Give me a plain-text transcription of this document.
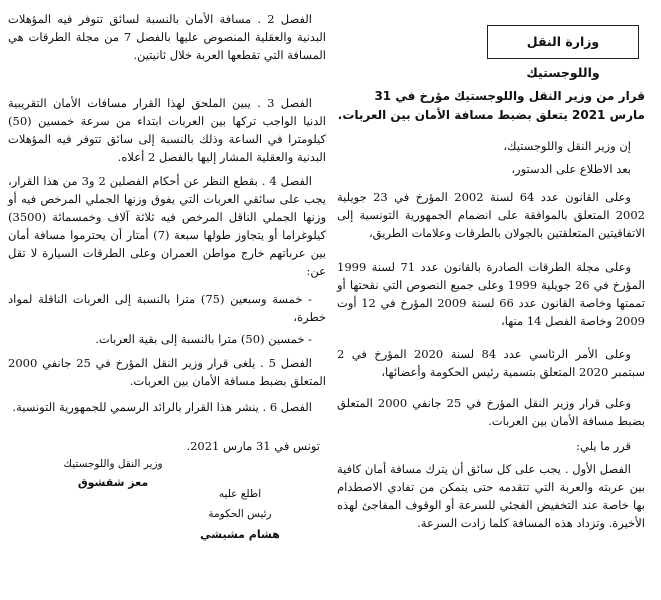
وزارة النقل واللوجستيك
قرار من وزير النقل واللوجستيك مؤرخ في 31 مارس 2021 يتعلق بضبط مسافة الأمان بين العربات.
إن وزير النقل واللوجستيك،
بعد الاطلاع على الدستور،
وعلى القانون عدد 64 لسنة 2002 المؤرخ في 23 جويلية 2002 المتعلق بالموافقة على انضمام الجمهورية التونسية إلى الاتفاقيتين المتعلقتين بالجولان بالطرقات وعلامات الطريق،
وعلى مجلة الطرقات الصادرة بالقانون عدد 71 لسنة 1999 المؤرخ في 26 جويلية 1999 وعلى جميع النصوص التي نقحتها أو تممتها وخاصة القانون عدد 66 لسنة 2009 المؤرخ في 12 أوت 2009 وخاصة الفصل 14 منها،
وعلى الأمر الرئاسي عدد 84 لسنة 2020 المؤرخ في 2 سبتمبر 2020 المتعلق بتسمية رئيس الحكومة وأعضائها،
وعلى قرار وزير النقل المؤرخ في 25 جانفي 2000 المتعلق بضبط مسافة الأمان بين العربات.
قرر ما يلي:
الفصل الأول . يجب على كل سائق أن يترك مسافة أمان كافية بين عربته والعربة التي تتقدمه حتى يتمكن من تفادي الاصطدام بها خاصة عند التخفيض الفجئي للسرعة أو الوقوف المفاجئ لهذه الأخيرة. وتزداد هذه المسافة كلما زادت السرعة.
الفصل 2 . مسافة الأمان بالنسبة لسائق تتوفر فيه المؤهلات البدنية والعقلية المنصوص عليها بالفصل 7 من مجلة الطرقات هي المسافة التي تقطعها العربة خلال ثانيتين.
الفصل 3 . يبين الملحق لهذا القرار مسافات الأمان التقريبية الدنيا الواجب تركها بين العربات ابتداء من سرعة خمسين (50) كيلومترا في الساعة وذلك بالنسبة إلى سائق تتوفر فيه المؤهلات البدنية والعقلية المشار إليها بالفصل 2 أعلاه.
الفصل 4 . بقطع النظر عن أحكام الفصلين 2 و3 من هذا القرار، يجب على سائقي العربات التي يفوق وزنها الجملي المرخص فيه أو وزنها الجملي الناقل المرخص فيه ثلاثة آلاف وخمسمائة (3500) كيلوغراما أو يتجاوز طولها سبعة (7) أمتار أن يحترموا مسافة أمان بين عرباتهم خارج مواطن العمران وعلى الطرقات السيارة لا تقل عن:
- خمسة وسبعين (75) مترا بالنسبة إلى العربات الناقلة لمواد خطرة،
- خمسين (50) مترا بالنسبة إلى بقية العربات.
الفصل 5 . يلغى قرار وزير النقل المؤرخ في 25 جانفي 2000 المتعلق بضبط مسافة الأمان بين العربات.
الفصل 6 . ينشر هذا القرار بالرائد الرسمي للجمهورية التونسية.
تونس في 31 مارس 2021.
وزير النقل واللوجستيك
معز شقشوق
اطلع عليه
رئيس الحكومة
هشام مشيشي
